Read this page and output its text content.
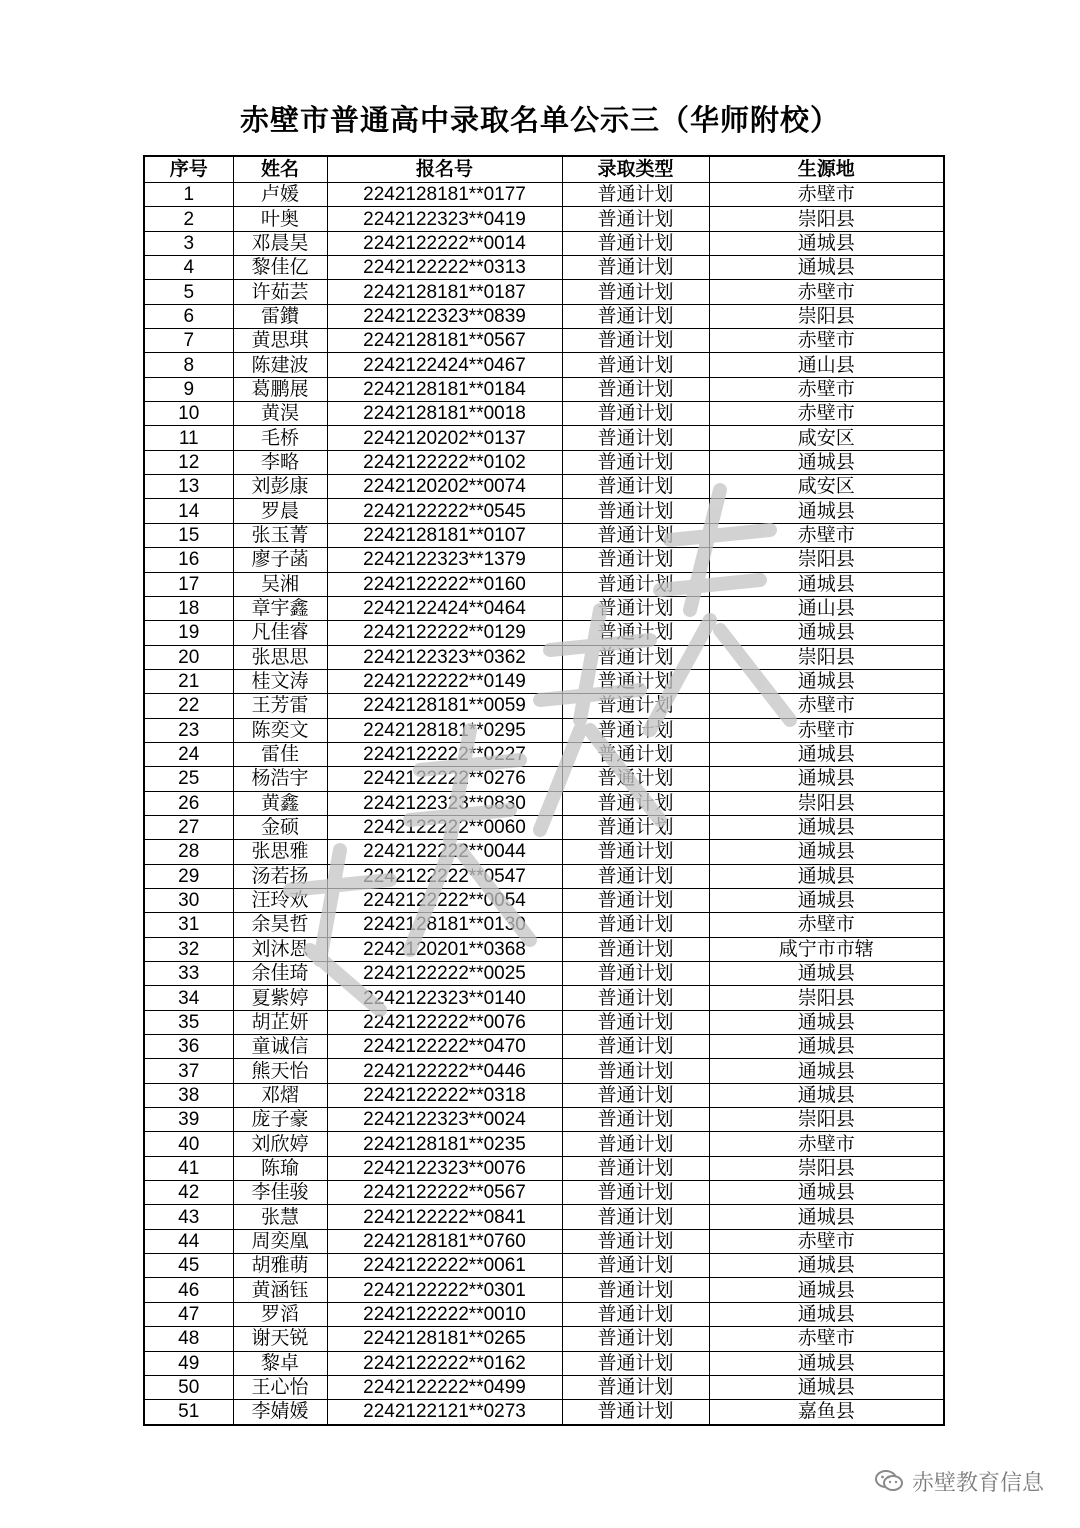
赤壁市普通高中录取名单公示三（华师附校）
序号	姓名	报名号	录取类型	生源地
1	卢媛	2242128181**0177	普通计划	赤壁市
2	叶奥	2242122323**0419	普通计划	崇阳县
3	邓晨昊	2242122222**0014	普通计划	通城县
4	黎佳亿	2242122222**0313	普通计划	通城县
5	许茹芸	2242128181**0187	普通计划	赤壁市
6	雷鑚	2242122323**0839	普通计划	崇阳县
7	黄思琪	2242128181**0567	普通计划	赤壁市
8	陈建波	2242122424**0467	普通计划	通山县
9	葛鹏展	2242128181**0184	普通计划	赤壁市
10	黄淏	2242128181**0018	普通计划	赤壁市
11	毛桥	2242120202**0137	普通计划	咸安区
12	李略	2242122222**0102	普通计划	通城县
13	刘彭康	2242120202**0074	普通计划	咸安区
14	罗晨	2242122222**0545	普通计划	通城县
15	张玉菁	2242128181**0107	普通计划	赤壁市
16	廖子菡	2242122323**1379	普通计划	崇阳县
17	吴湘	2242122222**0160	普通计划	通城县
18	章宇鑫	2242122424**0464	普通计划	通山县
19	凡佳睿	2242122222**0129	普通计划	通城县
20	张思思	2242122323**0362	普通计划	崇阳县
21	桂文涛	2242122222**0149	普通计划	通城县
22	王芳雷	2242128181**0059	普通计划	赤壁市
23	陈奕文	2242128181**0295	普通计划	赤壁市
24	雷佳	2242122222**0227	普通计划	通城县
25	杨浩宇	2242122222**0276	普通计划	通城县
26	黄鑫	2242122323**0830	普通计划	崇阳县
27	金硕	2242122222**0060	普通计划	通城县
28	张思雅	2242122222**0044	普通计划	通城县
29	汤若扬	2242122222**0547	普通计划	通城县
30	汪玲欢	2242122222**0054	普通计划	通城县
31	余昊哲	2242128181**0130	普通计划	赤壁市
32	刘沐恩	2242120201**0368	普通计划	咸宁市市辖
33	余佳琦	2242122222**0025	普通计划	通城县
34	夏紫婷	2242122323**0140	普通计划	崇阳县
35	胡芷妍	2242122222**0076	普通计划	通城县
36	童诚信	2242122222**0470	普通计划	通城县
37	熊天怡	2242122222**0446	普通计划	通城县
38	邓熠	2242122222**0318	普通计划	通城县
39	庞子豪	2242122323**0024	普通计划	崇阳县
40	刘欣婷	2242128181**0235	普通计划	赤壁市
41	陈瑜	2242122323**0076	普通计划	崇阳县
42	李佳骏	2242122222**0567	普通计划	通城县
43	张慧	2242122222**0841	普通计划	通城县
44	周奕凰	2242128181**0760	普通计划	赤壁市
45	胡雅萌	2242122222**0061	普通计划	通城县
46	黄涵钰	2242122222**0301	普通计划	通城县
47	罗滔	2242122222**0010	普通计划	通城县
48	谢天锐	2242128181**0265	普通计划	赤壁市
49	黎卓	2242122222**0162	普通计划	通城县
50	王心怡	2242122222**0499	普通计划	通城县
51	李婧媛	2242122121**0273	普通计划	嘉鱼县
赤壁教育信息
